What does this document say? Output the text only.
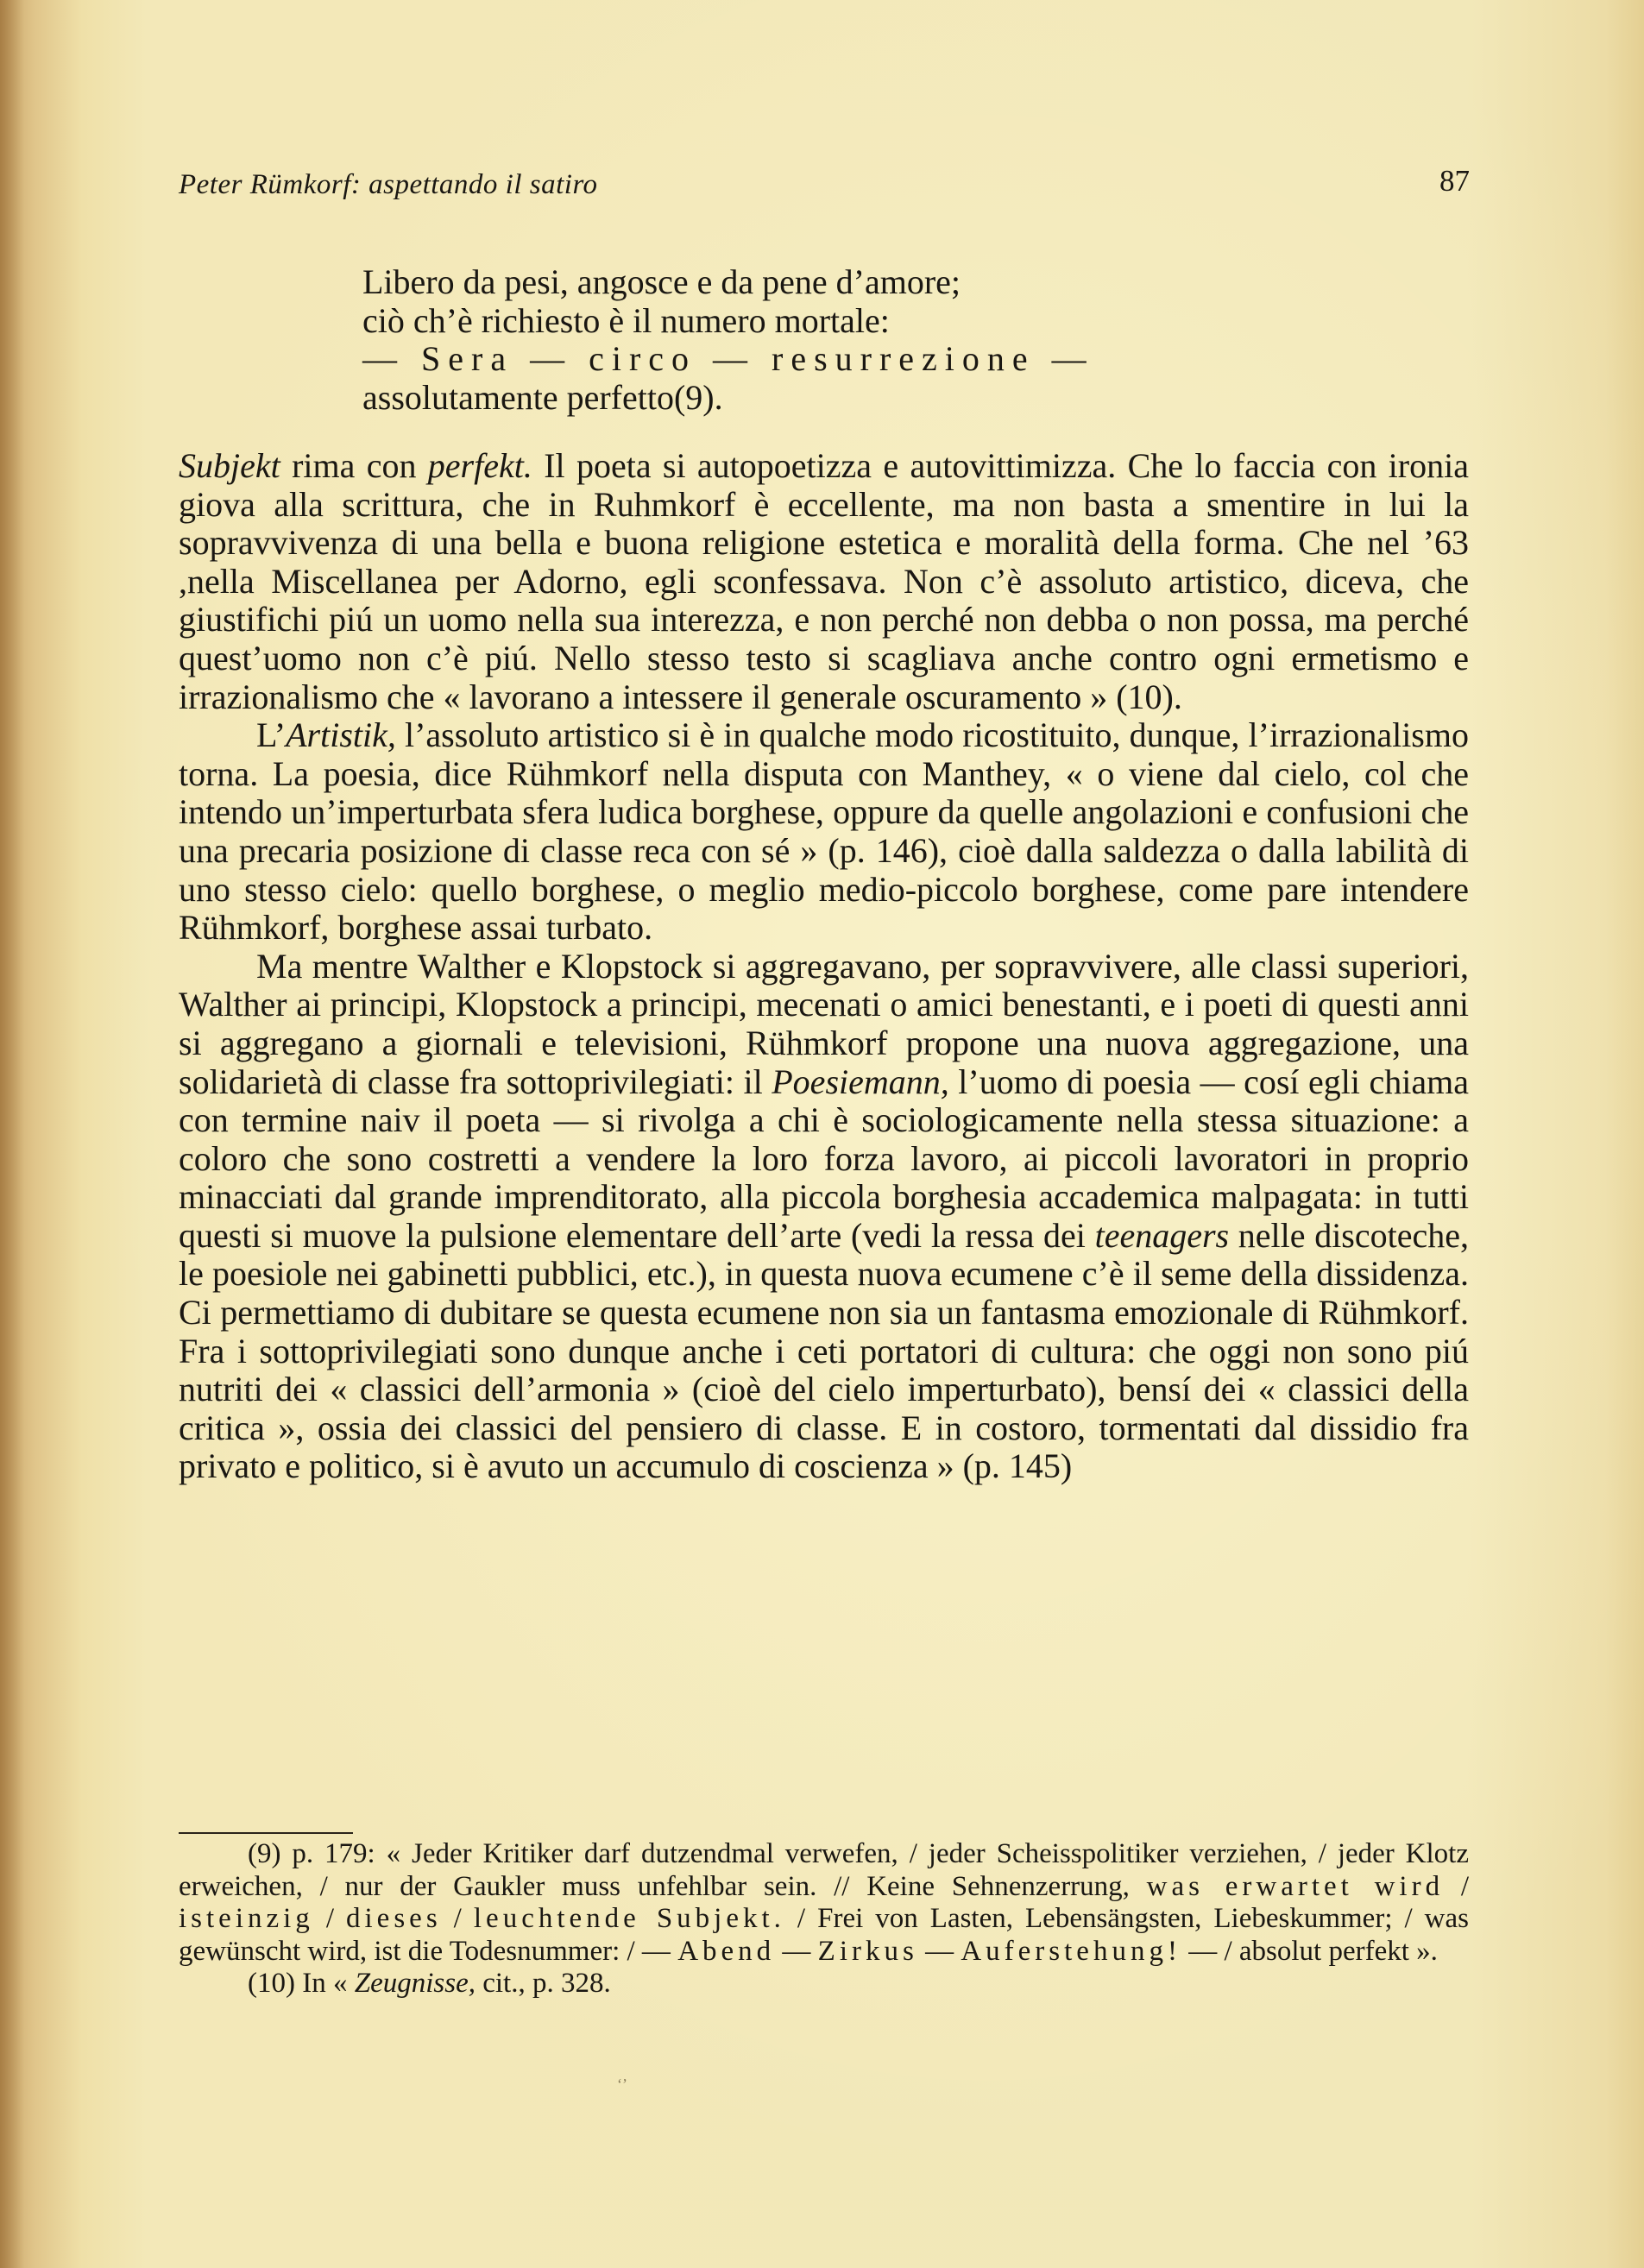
Peter Rümkorf: aspettando il satiro	87
Libero da pesi, angosce e da pene d’amore;
ciò ch’è richiesto è il numero mortale:
— Sera — circo — resurrezione —
assolutamente perfetto(9).

Subjekt rima con perfekt. Il poeta si autopoetizza e autovittimizza. Che lo faccia con ironia giova alla scrittura, che in Ruhmkorf è eccellente, ma non basta a smentire in lui la sopravvivenza di una bella e buona religione estetica e moralità della forma. Che nel ’63 ,nella Miscellanea per Adorno, egli sconfessava. Non c’è assoluto artistico, diceva, che giustifichi piú un uomo nella sua interezza, e non perché non debba o non possa, ma perché quest’uomo non c’è piú. Nello stesso testo si scagliava anche contro ogni ermetismo e irrazionalismo che « lavorano a intessere il generale oscuramento » (10).

L’Artistik, l’assoluto artistico si è in qualche modo ricostituito, dunque, l’irrazionalismo torna. La poesia, dice Rühmkorf nella disputa con Manthey, « o viene dal cielo, col che intendo un’imperturbata sfera ludica borghese, oppure da quelle angolazioni e confusioni che una precaria posizione di classe reca con sé » (p. 146), cioè dalla saldezza o dalla labilità di uno stesso cielo: quello borghese, o meglio medio-piccolo borghese, come pare intendere Rühmkorf, borghese assai turbato.

Ma mentre Walther e Klopstock si aggregavano, per sopravvivere, alle classi superiori, Walther ai principi, Klopstock a principi, mecenati o amici benestanti, e i poeti di questi anni si aggregano a giornali e televisioni, Rühmkorf propone una nuova aggregazione, una solidarietà di classe fra sottoprivilegiati: il Poesiemann, l’uomo di poesia — cosí egli chiama con termine naiv il poeta — si rivolga a chi è sociologicamente nella stessa situazione: a coloro che sono costretti a vendere la loro forza lavoro, ai piccoli lavoratori in proprio minacciati dal grande imprenditorato, alla piccola borghesia accademica malpagata: in tutti questi si muove la pulsione elementare dell’arte (vedi la ressa dei teenagers nelle discoteche, le poesiole nei gabinetti pubblici, etc.), in questa nuova ecumene c’è il seme della dissidenza. Ci permettiamo di dubitare se questa ecumene non sia un fantasma emozionale di Rühmkorf. Fra i sottoprivilegiati sono dunque anche i ceti portatori di cultura: che oggi non sono piú nutriti dei « classici dell’armonia » (cioè del cielo imperturbato), bensí dei « classici della critica », ossia dei classici del pensiero di classe. E in costoro, tormentati dal dissidio fra privato e politico, si è avuto un accumulo di coscienza » (p. 145)

(9) p. 179: « Jeder Kritiker darf dutzendmal verwefen, / jeder Scheisspolitiker verziehen, / jeder Klotz erweichen, / nur der Gaukler muss unfehlbar sein. // Keine Sehnenzerrung, was erwartet wird / isteinzig / dieses / leuchtende Subjekt. / Frei von Lasten, Lebensängsten, Liebeskummer; / was gewünscht wird, ist die Todesnummer: / — Abend — Zirkus — Auferstehung! — / absolut perfekt ».

(10) In « Zeugnisse, cit., p. 328.

ʻʼ
